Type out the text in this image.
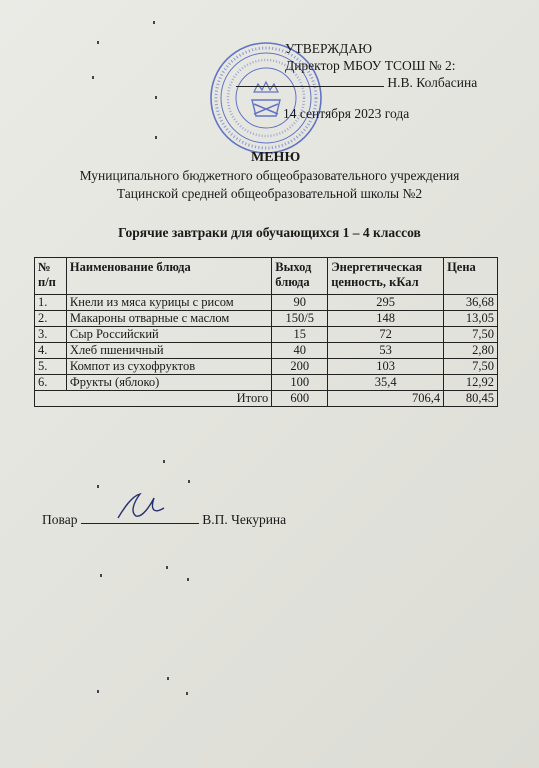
УТВЕРЖДАЮ
Директор МБОУ ТСОШ № 2:
Н.В. Колбасина
14 сентября 2023 года
МЕНЮ
Муниципального бюджетного общеобразовательного учреждения
Тацинской средней общеобразовательной школы №2
Горячие завтраки для обучающихся 1 – 4 классов
№ п/п	Наименование блюда	Выход блюда	Энергетическая ценность, кКал	Цена
1.	Кнели из мяса курицы с рисом	90	295	36,68
2.	Макароны отварные с маслом	150/5	148	13,05
3.	Сыр Российский	15	72	7,50
4.	Хлеб пшеничный	40	53	2,80
5.	Компот из сухофруктов	200	103	7,50
6.	Фрукты (яблоко)	100	35,4	12,92
Итого		600	706,4	80,45
Повар	В.П. Чекурина
